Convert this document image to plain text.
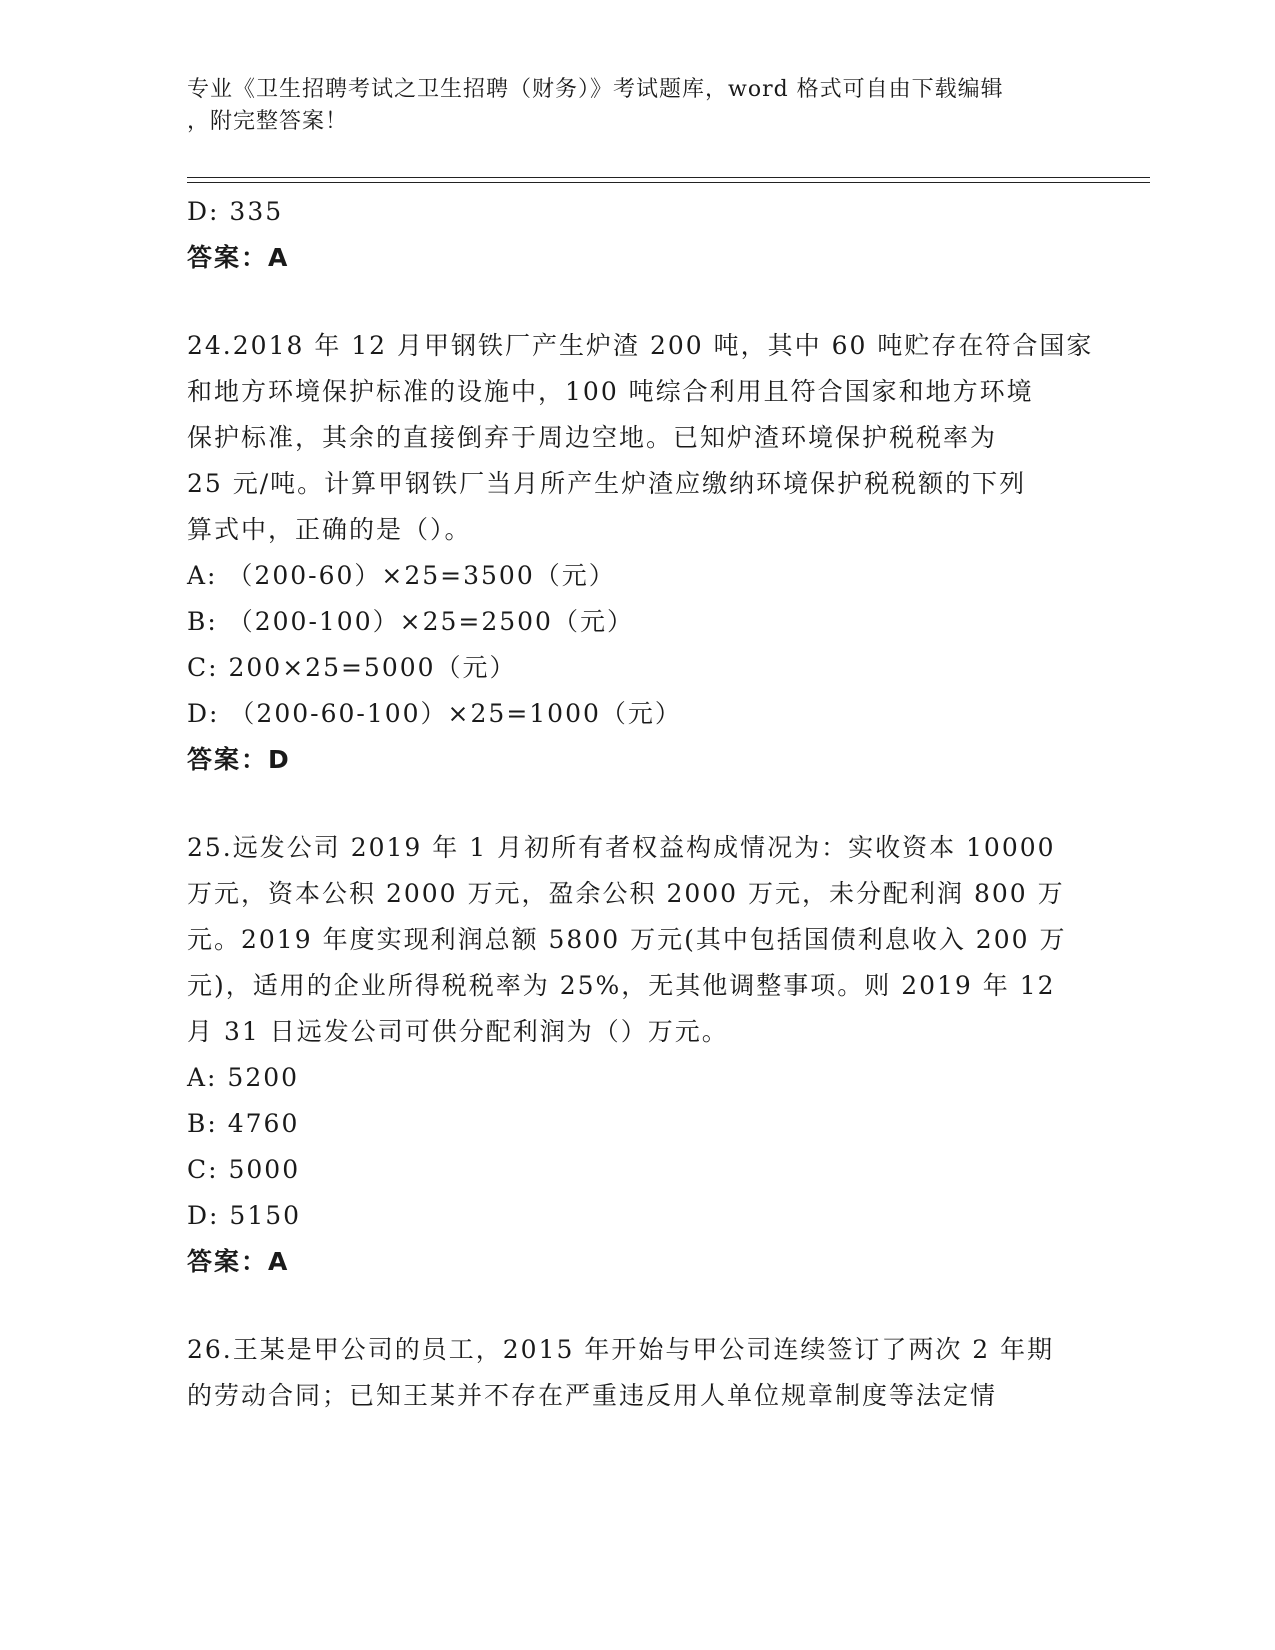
专业《卫生招聘考试之卫生招聘（财务）》考试题库，word 格式可自由下载编辑
，附完整答案！
D: 335
答案：A
24.2018 年 12 月甲钢铁厂产生炉渣 200 吨，其中 60 吨贮存在符合国家
和地方环境保护标准的设施中，100 吨综合利用且符合国家和地方环境
保护标准，其余的直接倒弃于周边空地。已知炉渣环境保护税税率为
25 元/吨。计算甲钢铁厂当月所产生炉渣应缴纳环境保护税税额的下列
算式中，正确的是（）。
A: （200-60）×25=3500（元）
B: （200-100）×25=2500（元）
C: 200×25=5000（元）
D: （200-60-100）×25=1000（元）
答案：D
25.远发公司 2019 年 1 月初所有者权益构成情况为：实收资本 10000
万元，资本公积 2000 万元，盈余公积 2000 万元，未分配利润 800 万
元。2019 年度实现利润总额 5800 万元(其中包括国债利息收入 200 万
元)，适用的企业所得税税率为 25%，无其他调整事项。则 2019 年 12
月 31 日远发公司可供分配利润为（）万元。
A: 5200
B: 4760
C: 5000
D: 5150
答案：A
26.王某是甲公司的员工，2015 年开始与甲公司连续签订了两次 2 年期
的劳动合同；已知王某并不存在严重违反用人单位规章制度等法定情
